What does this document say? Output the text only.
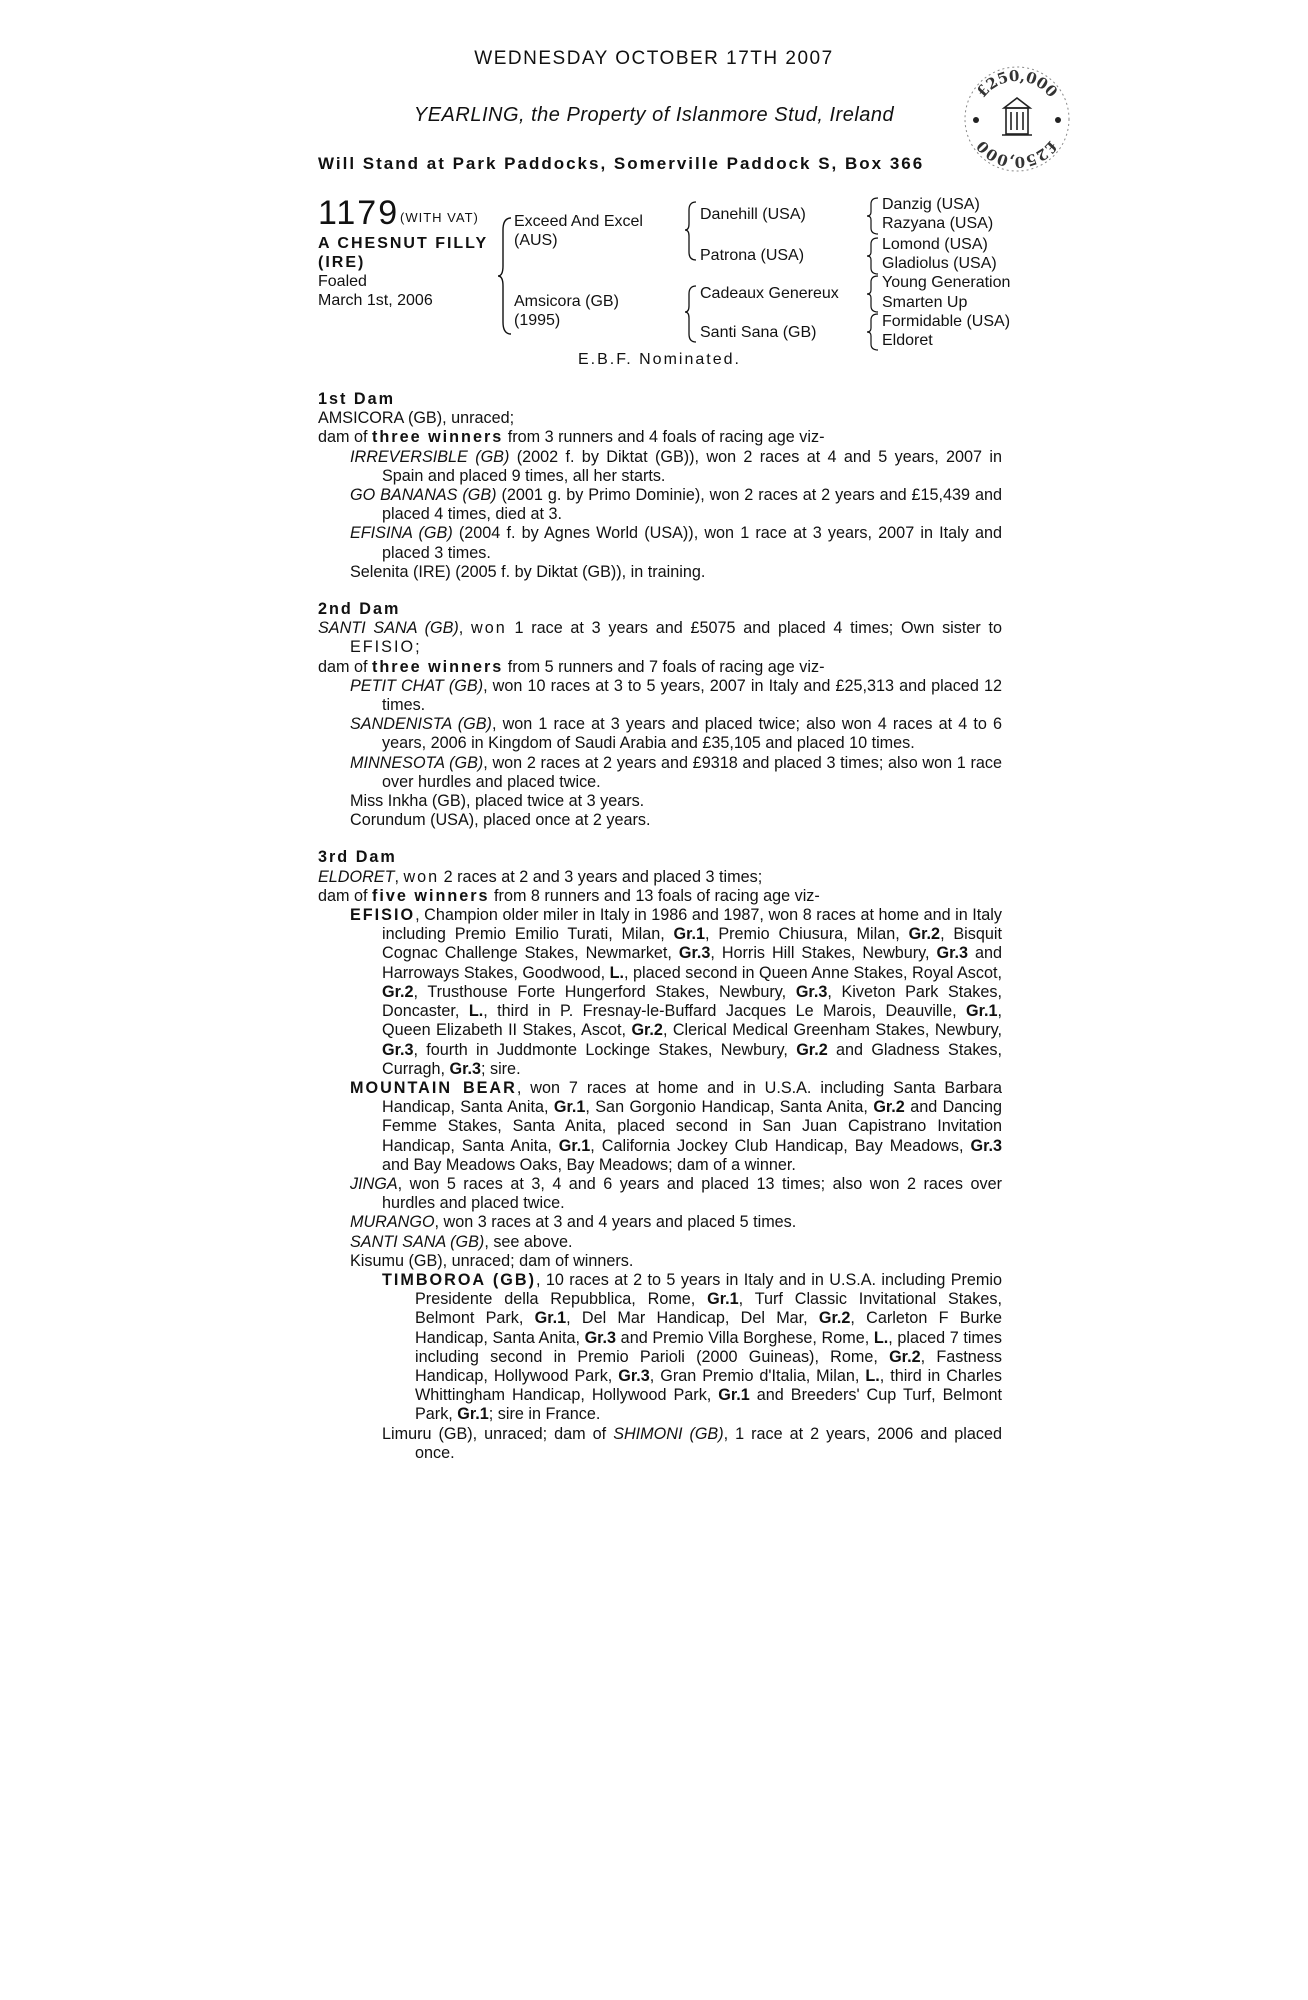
WEDNESDAY OCTOBER 17TH 2007
YEARLING, the Property of Islanmore Stud, Ireland
Will Stand at Park Paddocks, Somerville Paddock S, Box 366
£250,000
£250,000
1179 (WITH VAT)
A CHESNUT FILLY
(IRE)
Foaled
March 1st, 2006
Exceed And Excel
(AUS)
Amsicora (GB)
(1995)
Danehill (USA)
Patrona (USA)
Cadeaux Genereux
Santi Sana (GB)
Danzig (USA)
Razyana (USA)
Lomond (USA)
Gladiolus (USA)
Young Generation
Smarten Up
Formidable (USA)
Eldoret
E.B.F. Nominated.
1st Dam
AMSICORA (GB), unraced;
dam of three winners from 3 runners and 4 foals of racing age viz-
IRREVERSIBLE (GB) (2002 f. by Diktat (GB)), won 2 races at 4 and 5 years, 2007 in Spain and placed 9 times, all her starts.
GO BANANAS (GB) (2001 g. by Primo Dominie), won 2 races at 2 years and £15,439 and placed 4 times, died at 3.
EFISINA (GB) (2004 f. by Agnes World (USA)), won 1 race at 3 years, 2007 in Italy and placed 3 times.
Selenita (IRE) (2005 f. by Diktat (GB)), in training.
2nd Dam
SANTI SANA (GB), won 1 race at 3 years and £5075 and placed 4 times; Own sister to EFISIO;
dam of three winners from 5 runners and 7 foals of racing age viz-
PETIT CHAT (GB), won 10 races at 3 to 5 years, 2007 in Italy and £25,313 and placed 12 times.
SANDENISTA (GB), won 1 race at 3 years and placed twice; also won 4 races at 4 to 6 years, 2006 in Kingdom of Saudi Arabia and £35,105 and placed 10 times.
MINNESOTA (GB), won 2 races at 2 years and £9318 and placed 3 times; also won 1 race over hurdles and placed twice.
Miss Inkha (GB), placed twice at 3 years.
Corundum (USA), placed once at 2 years.
3rd Dam
ELDORET, won 2 races at 2 and 3 years and placed 3 times;
dam of five winners from 8 runners and 13 foals of racing age viz-
EFISIO, Champion older miler in Italy in 1986 and 1987, won 8 races at home and in Italy including Premio Emilio Turati, Milan, Gr.1, Premio Chiusura, Milan, Gr.2, Bisquit Cognac Challenge Stakes, Newmarket, Gr.3, Horris Hill Stakes, Newbury, Gr.3 and Harroways Stakes, Goodwood, L., placed second in Queen Anne Stakes, Royal Ascot, Gr.2, Trusthouse Forte Hungerford Stakes, Newbury, Gr.3, Kiveton Park Stakes, Doncaster, L., third in P. Fresnay-le-Buffard Jacques Le Marois, Deauville, Gr.1, Queen Elizabeth II Stakes, Ascot, Gr.2, Clerical Medical Greenham Stakes, Newbury, Gr.3, fourth in Juddmonte Lockinge Stakes, Newbury, Gr.2 and Gladness Stakes, Curragh, Gr.3; sire.
MOUNTAIN BEAR, won 7 races at home and in U.S.A. including Santa Barbara Handicap, Santa Anita, Gr.1, San Gorgonio Handicap, Santa Anita, Gr.2 and Dancing Femme Stakes, Santa Anita, placed second in San Juan Capistrano Invitation Handicap, Santa Anita, Gr.1, California Jockey Club Handicap, Bay Meadows, Gr.3 and Bay Meadows Oaks, Bay Meadows; dam of a winner.
JINGA, won 5 races at 3, 4 and 6 years and placed 13 times; also won 2 races over hurdles and placed twice.
MURANGO, won 3 races at 3 and 4 years and placed 5 times.
SANTI SANA (GB), see above.
Kisumu (GB), unraced; dam of winners.
TIMBOROA (GB), 10 races at 2 to 5 years in Italy and in U.S.A. including Premio Presidente della Repubblica, Rome, Gr.1, Turf Classic Invitational Stakes, Belmont Park, Gr.1, Del Mar Handicap, Del Mar, Gr.2, Carleton F Burke Handicap, Santa Anita, Gr.3 and Premio Villa Borghese, Rome, L., placed 7 times including second in Premio Parioli (2000 Guineas), Rome, Gr.2, Fastness Handicap, Hollywood Park, Gr.3, Gran Premio d'Italia, Milan, L., third in Charles Whittingham Handicap, Hollywood Park, Gr.1 and Breeders' Cup Turf, Belmont Park, Gr.1; sire in France.
Limuru (GB), unraced; dam of SHIMONI (GB), 1 race at 2 years, 2006 and placed once.
